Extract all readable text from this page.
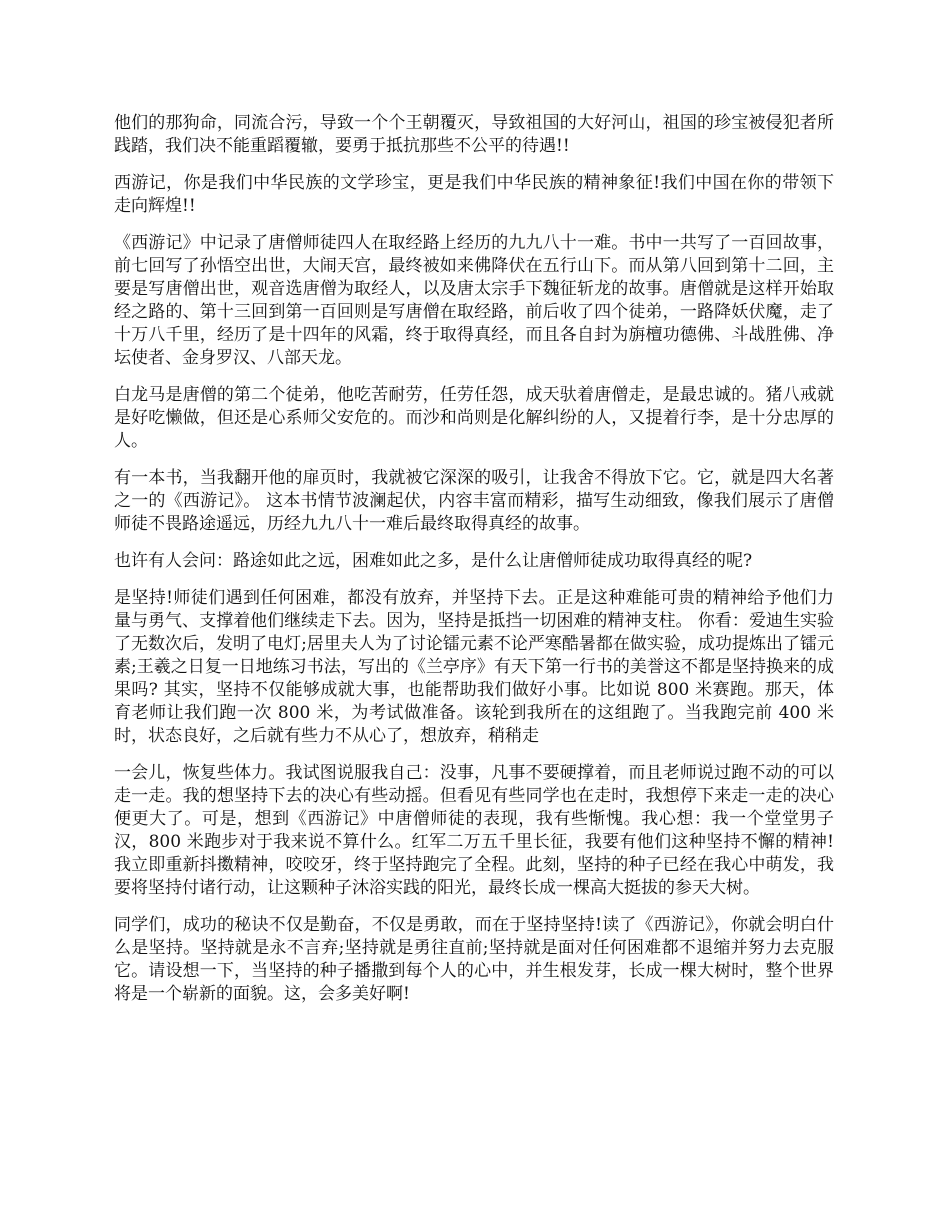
他们的那狗命，同流合污，导致一个个王朝覆灭，导致祖国的大好河山，祖国的珍宝被侵犯者所践踏，我们决不能重蹈覆辙，要勇于抵抗那些不公平的待遇!!

西游记，你是我们中华民族的文学珍宝，更是我们中华民族的精神象征!我们中国在你的带领下走向辉煌!!

《西游记》中记录了唐僧师徒四人在取经路上经历的九九八十一难。书中一共写了一百回故事，前七回写了孙悟空出世，大闹天宫，最终被如来佛降伏在五行山下。而从第八回到第十二回，主要是写唐僧出世，观音选唐僧为取经人，以及唐太宗手下魏征斩龙的故事。唐僧就是这样开始取经之路的、第十三回到第一百回则是写唐僧在取经路，前后收了四个徒弟，一路降妖伏魔，走了十万八千里，经历了是十四年的风霜，终于取得真经，而且各自封为旃檀功德佛、斗战胜佛、净坛使者、金身罗汉、八部天龙。

白龙马是唐僧的第二个徒弟，他吃苦耐劳，任劳任怨，成天驮着唐僧走，是最忠诚的。猪八戒就是好吃懒做，但还是心系师父安危的。而沙和尚则是化解纠纷的人，又提着行李，是十分忠厚的人。

有一本书，当我翻开他的扉页时，我就被它深深的吸引，让我舍不得放下它。它，就是四大名著之一的《西游记》。 这本书情节波澜起伏，内容丰富而精彩，描写生动细致，像我们展示了唐僧师徒不畏路途遥远，历经九九八十一难后最终取得真经的故事。

也许有人会问：路途如此之远，困难如此之多，是什么让唐僧师徒成功取得真经的呢?

是坚持!师徒们遇到任何困难，都没有放弃，并坚持下去。正是这种难能可贵的精神给予他们力量与勇气、支撑着他们继续走下去。因为，坚持是抵挡一切困难的精神支柱。 你看：爱迪生实验了无数次后，发明了电灯;居里夫人为了讨论镭元素不论严寒酷暑都在做实验，成功提炼出了镭元素;王羲之日复一日地练习书法，写出的《兰亭序》有天下第一行书的美誉这不都是坚持换来的成果吗? 其实，坚持不仅能够成就大事，也能帮助我们做好小事。比如说 800 米赛跑。那天，体育老师让我们跑一次 800 米，为考试做准备。该轮到我所在的这组跑了。当我跑完前 400 米时，状态良好，之后就有些力不从心了，想放弃，稍稍走

一会儿，恢复些体力。我试图说服我自己：没事，凡事不要硬撑着，而且老师说过跑不动的可以走一走。我的想坚持下去的决心有些动摇。但看见有些同学也在走时，我想停下来走一走的决心便更大了。可是，想到《西游记》中唐僧师徒的表现，我有些惭愧。我心想：我一个堂堂男子汉，800 米跑步对于我来说不算什么。红军二万五千里长征，我要有他们这种坚持不懈的精神!我立即重新抖擞精神，咬咬牙，终于坚持跑完了全程。此刻，坚持的种子已经在我心中萌发，我要将坚持付诸行动，让这颗种子沐浴实践的阳光，最终长成一棵高大挺拔的参天大树。

同学们，成功的秘诀不仅是勤奋，不仅是勇敢，而在于坚持坚持!读了《西游记》，你就会明白什么是坚持。坚持就是永不言弃;坚持就是勇往直前;坚持就是面对任何困难都不退缩并努力去克服它。请设想一下，当坚持的种子播撒到每个人的心中，并生根发芽，长成一棵大树时，整个世界将是一个崭新的面貌。这，会多美好啊!
